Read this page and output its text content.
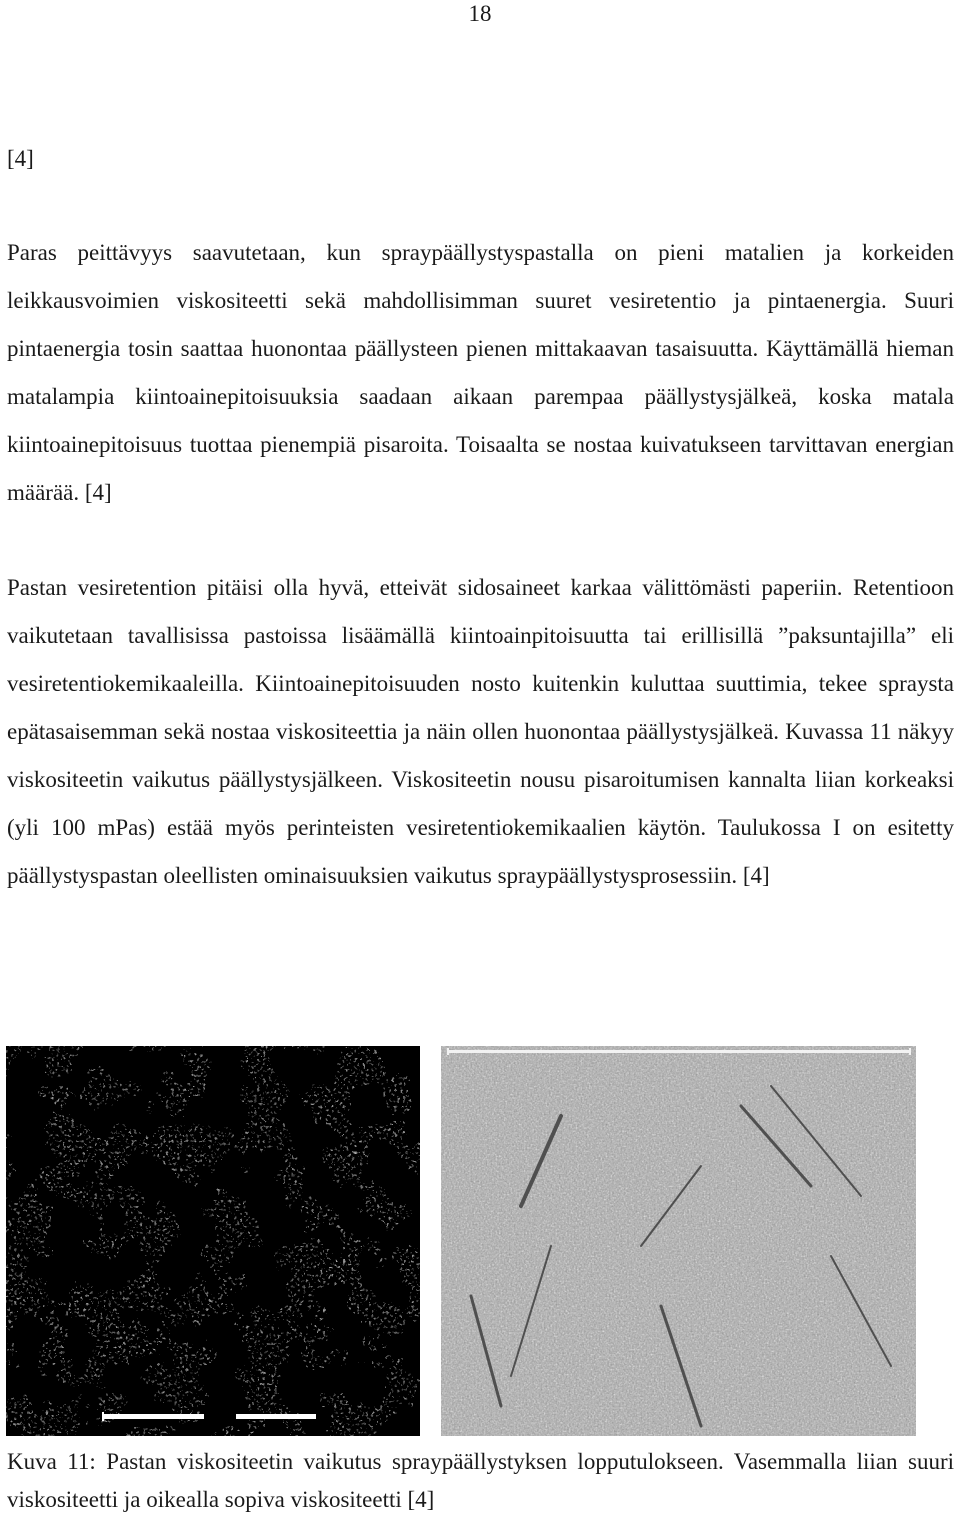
18
[4]

Paras peittävyys saavutetaan, kun spraypäällystyspastalla on pieni matalien ja korkeiden leikkausvoimien viskositeetti sekä mahdollisimman suuret vesiretentio ja pintaenergia. Suuri pintaenergia tosin saattaa huonontaa päällysteen pienen mittakaavan tasaisuutta. Käyttämällä hieman matalampia kiintoainepitoisuuksia saadaan aikaan parempaa päällystysjälkeä, koska matala kiintoainepitoisuus tuottaa pienempiä pisaroita. Toisaalta se nostaa kuivatukseen tarvittavan energian määrää. [4]

Pastan vesiretention pitäisi olla hyvä, etteivät sidosaineet karkaa välittömästi paperiin. Retentioon vaikutetaan tavallisissa pastoissa lisäämällä kiintoainpitoisuutta tai erillisillä ”paksuntajilla” eli vesiretentiokemikaaleilla. Kiintoainepitoisuuden nosto kuitenkin kuluttaa suuttimia, tekee spraysta epätasaisemman sekä nostaa viskositeettia ja näin ollen huonontaa päällystysjälkeä. Kuvassa 11 näkyy viskositeetin vaikutus päällystysjälkeen. Viskositeetin nousu pisaroitumisen kannalta liian korkeaksi (yli 100 mPas) estää myös perinteisten vesiretentiokemikaalien käytön. Taulukossa I on esitetty päällystyspastan oleellisten ominaisuuksien vaikutus spraypäällystysprosessiin. [4]

Kuva 11: Pastan viskositeetin vaikutus spraypäällystyksen lopputulokseen. Vasemmalla liian suuri viskositeetti ja oikealla sopiva viskositeetti [4]
